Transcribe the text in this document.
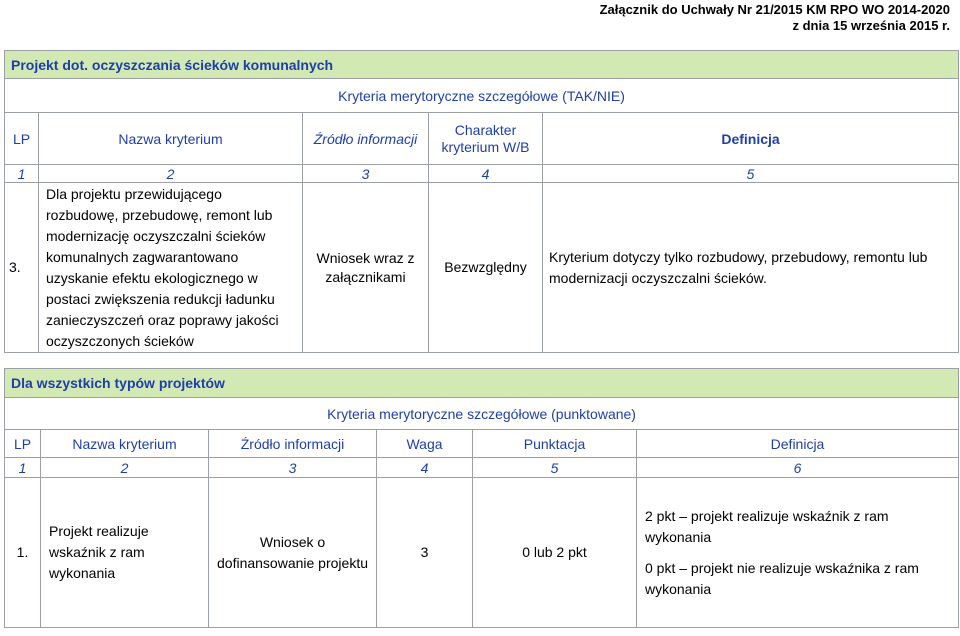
Załącznik do Uchwały Nr 21/2015 KM RPO WO 2014-2020
z dnia 15 września 2015 r.
Projekt dot. oczyszczania ścieków komunalnych				
Kryteria merytoryczne szczegółowe (TAK/NIE)				
LP	Nazwa kryterium	Źródło informacji	Charakter kryterium W/B	Definicja
1	2	3	4	5
3.	Dla projektu przewidującego rozbudowę, przebudowę, remont lub modernizację oczyszczalni ścieków komunalnych zagwarantowano uzyskanie efektu ekologicznego w postaci zwiększenia redukcji ładunku zanieczyszczeń oraz poprawy jakości oczyszczonych ścieków	Wniosek wraz z załącznikami	Bezwzględny	Kryterium dotyczy tylko rozbudowy, przebudowy, remontu lub modernizacji oczyszczalni ścieków.
Dla wszystkich typów projektów					
Kryteria merytoryczne szczegółowe (punktowane)					
LP	Nazwa kryterium	Źródło informacji	Waga	Punktacja	Definicja
1	2	3	4	5	6
1.	Projekt realizuje wskaźnik z ram wykonania	Wniosek o dofinansowanie projektu	3	0 lub 2 pkt	2 pkt – projekt realizuje wskaźnik z ram wykonania
0 pkt – projekt nie realizuje wskaźnika z ram wykonania
